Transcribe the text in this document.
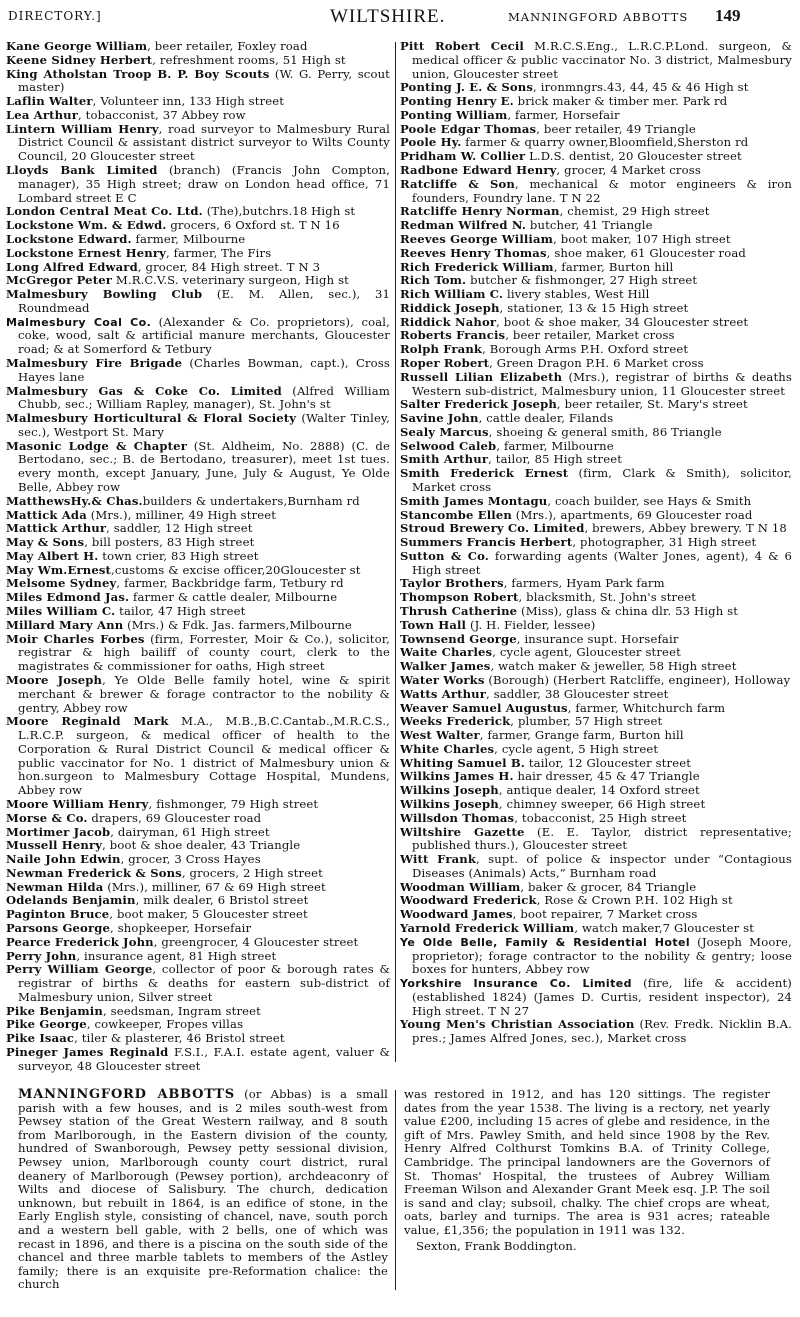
DIRECTORY.]	WILTSHIRE.	MANNINGFORD ABBOTTS 149
Kane George William, beer retailer, Foxley road
Keene Sidney Herbert, refreshment rooms, 51 High st
King Atholstan Troop B. P. Boy Scouts (W. G. Perry, scout master)
Laflin Walter, Volunteer inn, 133 High street
Lea Arthur, tobacconist, 37 Abbey row
Lintern William Henry, road surveyor to Malmesbury Rural District Council & assistant district surveyor to Wilts County Council, 20 Gloucester street
Lloyds Bank Limited (branch) (Francis John Compton, manager), 35 High street; draw on London head office, 71 Lombard street E C
London Central Meat Co. Ltd. (The),butchrs.18 High st
Lockstone Wm. & Edwd. grocers, 6 Oxford st. T N 16
Lockstone Edward. farmer, Milbourne
Lockstone Ernest Henry, farmer, The Firs
Long Alfred Edward, grocer, 84 High street. T N 3
McGregor Peter M.R.C.V.S. veterinary surgeon, High st
Malmesbury Bowling Club (E. M. Allen, sec.), 31 Roundmead
Malmesbury Coal Co. (Alexander & Co. proprietors), coal, coke, wood, salt & artificial manure merchants, Gloucester road; & at Somerford & Tetbury
Malmesbury Fire Brigade (Charles Bowman, capt.), Cross Hayes lane
Malmesbury Gas & Coke Co. Limited (Alfred William Chubb, sec.; William Rapley, manager), St. John's st
Malmesbury Horticultural & Floral Society (Walter Tinley, sec.), Westport St. Mary
Masonic Lodge & Chapter (St. Aldheim, No. 2888) (C. de Bertodano, sec.; B. de Bertodano, treasurer), meet 1st tues. every month, except January, June, July & August, Ye Olde Belle, Abbey row
MatthewsHy.& Chas.builders & undertakers,Burnham rd
Mattick Ada (Mrs.), milliner, 49 High street
Mattick Arthur, saddler, 12 High street
May & Sons, bill posters, 83 High street
May Albert H. town crier, 83 High street
May Wm.Ernest,customs & excise officer,20Gloucester st
Melsome Sydney, farmer, Backbridge farm, Tetbury rd
Miles Edmond Jas. farmer & cattle dealer, Milbourne
Miles William C. tailor, 47 High street
Millard Mary Ann (Mrs.) & Fdk. Jas. farmers,Milbourne
Moir Charles Forbes (firm, Forrester, Moir & Co.), solicitor, registrar & high bailiff of county court, clerk to the magistrates & commissioner for oaths, High street
Moore Joseph, Ye Olde Belle family hotel, wine & spirit merchant & brewer & forage contractor to the nobility & gentry, Abbey row
Moore Reginald Mark M.A., M.B.,B.C.Cantab.,M.R.C.S., L.R.C.P. surgeon, & medical officer of health to the Corporation & Rural District Council & medical officer & public vaccinator for No. 1 district of Malmesbury union & hon.surgeon to Malmesbury Cottage Hospital, Mundens, Abbey row
Moore William Henry, fishmonger, 79 High street
Morse & Co. drapers, 69 Gloucester road
Mortimer Jacob, dairyman, 61 High street
Mussell Henry, boot & shoe dealer, 43 Triangle
Naile John Edwin, grocer, 3 Cross Hayes
Newman Frederick & Sons, grocers, 2 High street
Newman Hilda (Mrs.), milliner, 67 & 69 High street
Odelands Benjamin, milk dealer, 6 Bristol street
Paginton Bruce, boot maker, 5 Gloucester street
Parsons George, shopkeeper, Horsefair
Pearce Frederick John, greengrocer, 4 Gloucester street
Perry John, insurance agent, 81 High street
Perry William George, collector of poor & borough rates & registrar of births & deaths for eastern sub-district of Malmesbury union, Silver street
Pike Benjamin, seedsman, Ingram street
Pike George, cowkeeper, Fropes villas
Pike Isaac, tiler & plasterer, 46 Bristol street
Pineger James Reginald F.S.I., F.A.I. estate agent, valuer & surveyor, 48 Gloucester street
Pitt Robert Cecil M.R.C.S.Eng., L.R.C.P.Lond. surgeon, & medical officer & public vaccinator No. 3 district, Malmesbury union, Gloucester street
Ponting J. E. & Sons, ironmngrs.43, 44, 45 & 46 High st
Ponting Henry E. brick maker & timber mer. Park rd
Ponting William, farmer, Horsefair
Poole Edgar Thomas, beer retailer, 49 Triangle
Poole Hy. farmer & quarry owner,Bloomfield,Sherston rd
Pridham W. Collier L.D.S. dentist, 20 Gloucester street
Radbone Edward Henry, grocer, 4 Market cross
Ratcliffe & Son, mechanical & motor engineers & iron founders, Foundry lane. T N 22
Ratcliffe Henry Norman, chemist, 29 High street
Redman Wilfred N. butcher, 41 Triangle
Reeves George William, boot maker, 107 High street
Reeves Henry Thomas, shoe maker, 61 Gloucester road
Rich Frederick William, farmer, Burton hill
Rich Tom. butcher & fishmonger, 27 High street
Rich William C. livery stables, West Hill
Riddick Joseph, stationer, 13 & 15 High street
Riddick Nahor, boot & shoe maker, 34 Gloucester street
Roberts Francis, beer retailer, Market cross
Rolph Frank, Borough Arms P.H. Oxford street
Roper Robert, Green Dragon P.H. 6 Market cross
Russell Lilian Elizabeth (Mrs.), registrar of births & deaths Western sub-district, Malmesbury union, 11 Gloucester street
Salter Frederick Joseph, beer retailer, St. Mary's street
Savine John, cattle dealer, Filands
Sealy Marcus, shoeing & general smith, 86 Triangle
Selwood Caleb, farmer, Milbourne
Smith Arthur, tailor, 85 High street
Smith Frederick Ernest (firm, Clark & Smith), solicitor, Market cross
Smith James Montagu, coach builder, see Hays & Smith
Stancombe Ellen (Mrs.), apartments, 69 Gloucester road
Stroud Brewery Co. Limited, brewers, Abbey brewery. T N 18
Summers Francis Herbert, photographer, 31 High street
Sutton & Co. forwarding agents (Walter Jones, agent), 4 & 6 High street
Taylor Brothers, farmers, Hyam Park farm
Thompson Robert, blacksmith, St. John's street
Thrush Catherine (Miss), glass & china dlr. 53 High st
Town Hall (J. H. Fielder, lessee)
Townsend George, insurance supt. Horsefair
Waite Charles, cycle agent, Gloucester street
Walker James, watch maker & jeweller, 58 High street
Water Works (Borough) (Herbert Ratcliffe, engineer), Holloway
Watts Arthur, saddler, 38 Gloucester street
Weaver Samuel Augustus, farmer, Whitchurch farm
Weeks Frederick, plumber, 57 High street
West Walter, farmer, Grange farm, Burton hill
White Charles, cycle agent, 5 High street
Whiting Samuel B. tailor, 12 Gloucester street
Wilkins James H. hair dresser, 45 & 47 Triangle
Wilkins Joseph, antique dealer, 14 Oxford street
Wilkins Joseph, chimney sweeper, 66 High street
Willsdon Thomas, tobacconist, 25 High street
Wiltshire Gazette (E. E. Taylor, district representative; published thurs.), Gloucester street
Witt Frank, supt. of police & inspector under “Contagious Diseases (Animals) Acts,” Burnham road
Woodman William, baker & grocer, 84 Triangle
Woodward Frederick, Rose & Crown P.H. 102 High st
Woodward James, boot repairer, 7 Market cross
Yarnold Frederick William, watch maker,7 Gloucester st
Ye Olde Belle, Family & Residential Hotel (Joseph Moore, proprietor); forage contractor to the nobility & gentry; loose boxes for hunters, Abbey row
Yorkshire Insurance Co. Limited (fire, life & accident) (established 1824) (James D. Curtis, resident inspector), 24 High street. T N 27
Young Men's Christian Association (Rev. Fredk. Nicklin B.A. pres.; James Alfred Jones, sec.), Market cross
MANNINGFORD ABBOTTS (or Abbas) is a small parish with a few houses, and is 2 miles south-west from Pewsey station of the Great Western railway, and 8 south from Marlborough, in the Eastern division of the county, hundred of Swanborough, Pewsey petty sessional division, Pewsey union, Marlborough county court district, rural deanery of Marlborough (Pewsey portion), archdeaconry of Wilts and diocese of Salisbury. The church, dedication unknown, but rebuilt in 1864, is an edifice of stone, in the Early English style, consisting of chancel, nave, south porch and a western bell gable, with 2 bells, one of which was recast in 1896, and there is a piscina on the south side of the chancel and three marble tablets to members of the Astley family; there is an exquisite pre-Reformation chalice: the church
was restored in 1912, and has 120 sittings. The register dates from the year 1538. The living is a rectory, net yearly value £200, including 15 acres of glebe and residence, in the gift of Mrs. Pawley Smith, and held since 1908 by the Rev. Henry Alfred Colthurst Tomkins B.A. of Trinity College, Cambridge. The principal landowners are the Governors of St. Thomas' Hospital, the trustees of Aubrey William Freeman Wilson and Alexander Grant Meek esq. J.P. The soil is sand and clay; subsoil, chalky. The chief crops are wheat, oats, barley and turnips. The area is 931 acres; rateable value, £1,356; the population in 1911 was 132.
Sexton, Frank Boddington.
